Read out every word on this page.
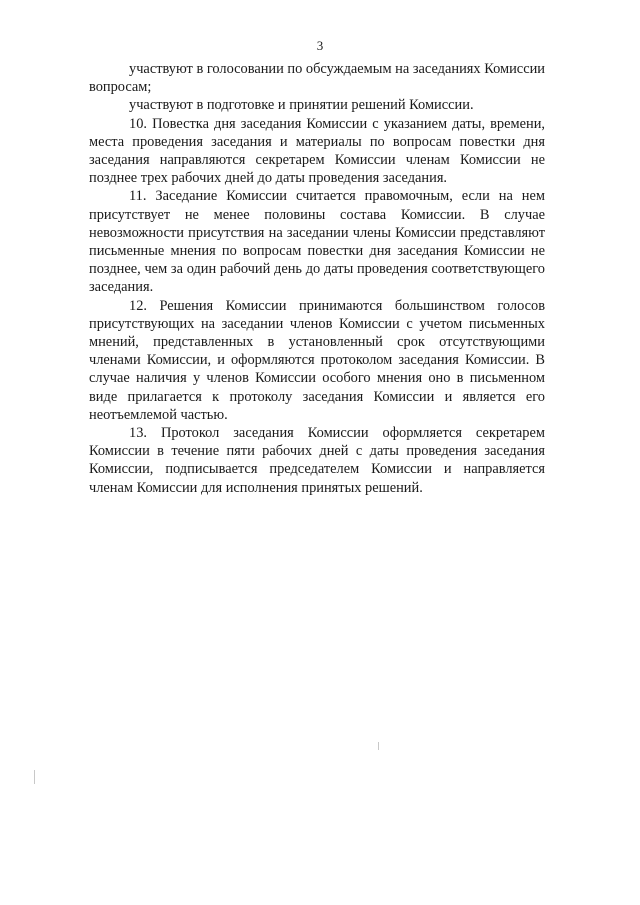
3

участвуют в голосовании по обсуждаемым на заседаниях Комиссии вопросам;

участвуют в подготовке и принятии решений Комиссии.

10. Повестка дня заседания Комиссии с указанием даты, времени, места проведения заседания и материалы по вопросам повестки дня заседания направляются секретарем Комиссии членам Комиссии не позднее трех рабочих дней до даты проведения заседания.

11. Заседание Комиссии считается правомочным, если на нем присутствует не менее половины состава Комиссии. В случае невозможности присутствия на заседании члены Комиссии представляют письменные мнения по вопросам повестки дня заседания Комиссии не позднее, чем за один рабочий день до даты проведения соответствующего заседания.

12. Решения Комиссии принимаются большинством голосов присутствующих на заседании членов Комиссии с учетом письменных мнений, представленных в установленный срок отсутствующими членами Комиссии, и оформляются протоколом заседания Комиссии. В случае наличия у членов Комиссии особого мнения оно в письменном виде прилагается к протоколу заседания Комиссии и является его неотъемлемой частью.

13. Протокол заседания Комиссии оформляется секретарем Комиссии в течение пяти рабочих дней с даты проведения заседания Комиссии, подписывается председателем Комиссии и направляется членам Комиссии для исполнения принятых решений.
